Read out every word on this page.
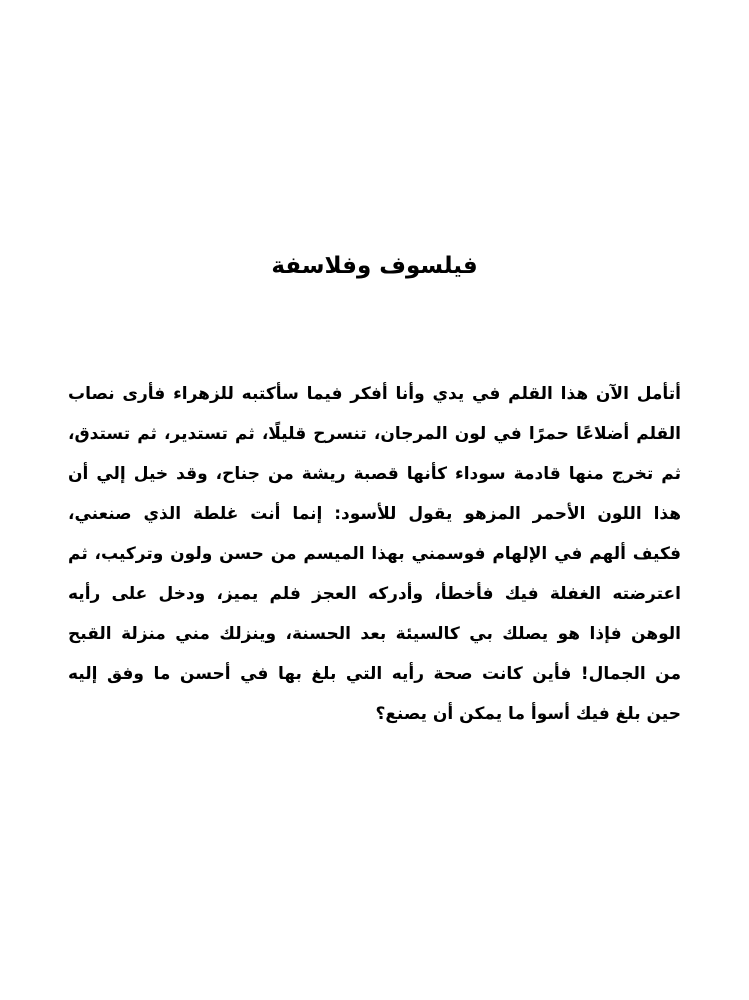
فيلسوف وفلاسفة
أتأمل الآن هذا القلم في يدي وأنا أفكر فيما سأكتبه للزهراء فأرى نصاب
القلم أضلاعًا حمرًا في لون المرجان، تنسرح قليلًا، ثم تستدير، ثم تستدق،
ثم تخرج منها قادمة سوداء كأنها قصبة ريشة من جناح، وقد خيل إلي أن
هذا اللون الأحمر المزهو يقول للأسود: إنما أنت غلطة الذي صنعني،
فكيف ألهم في الإلهام فوسمني بهذا الميسم من حسن ولون وتركيب، ثم
اعترضته الغفلة فيك فأخطأ، وأدركه العجز فلم يميز، ودخل على رأيه
الوهن فإذا هو يصلك بي كالسيئة بعد الحسنة، وينزلك مني منزلة القبح
من الجمال! فأين كانت صحة رأيه التي بلغ بها في أحسن ما وفق إليه
حين بلغ فيك أسوأ ما يمكن أن يصنع؟
